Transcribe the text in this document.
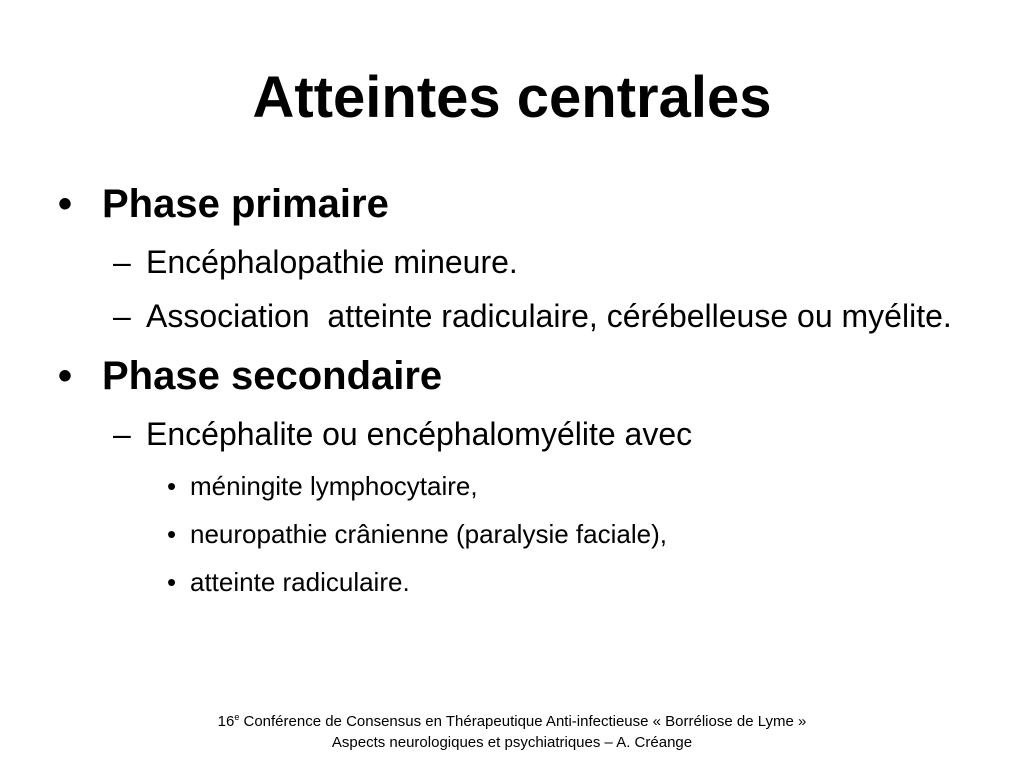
Atteintes centrales
• Phase primaire
– Encéphalopathie mineure.
– Association  atteinte radiculaire, cérébelleuse ou myélite.
• Phase secondaire
– Encéphalite ou encéphalomyélite avec
• méningite lymphocytaire,
• neuropathie crânienne (paralysie faciale),
• atteinte radiculaire.
16e Conférence de Consensus en Thérapeutique Anti-infectieuse « Borréliose de Lyme »
Aspects neurologiques et psychiatriques – A. Créange
